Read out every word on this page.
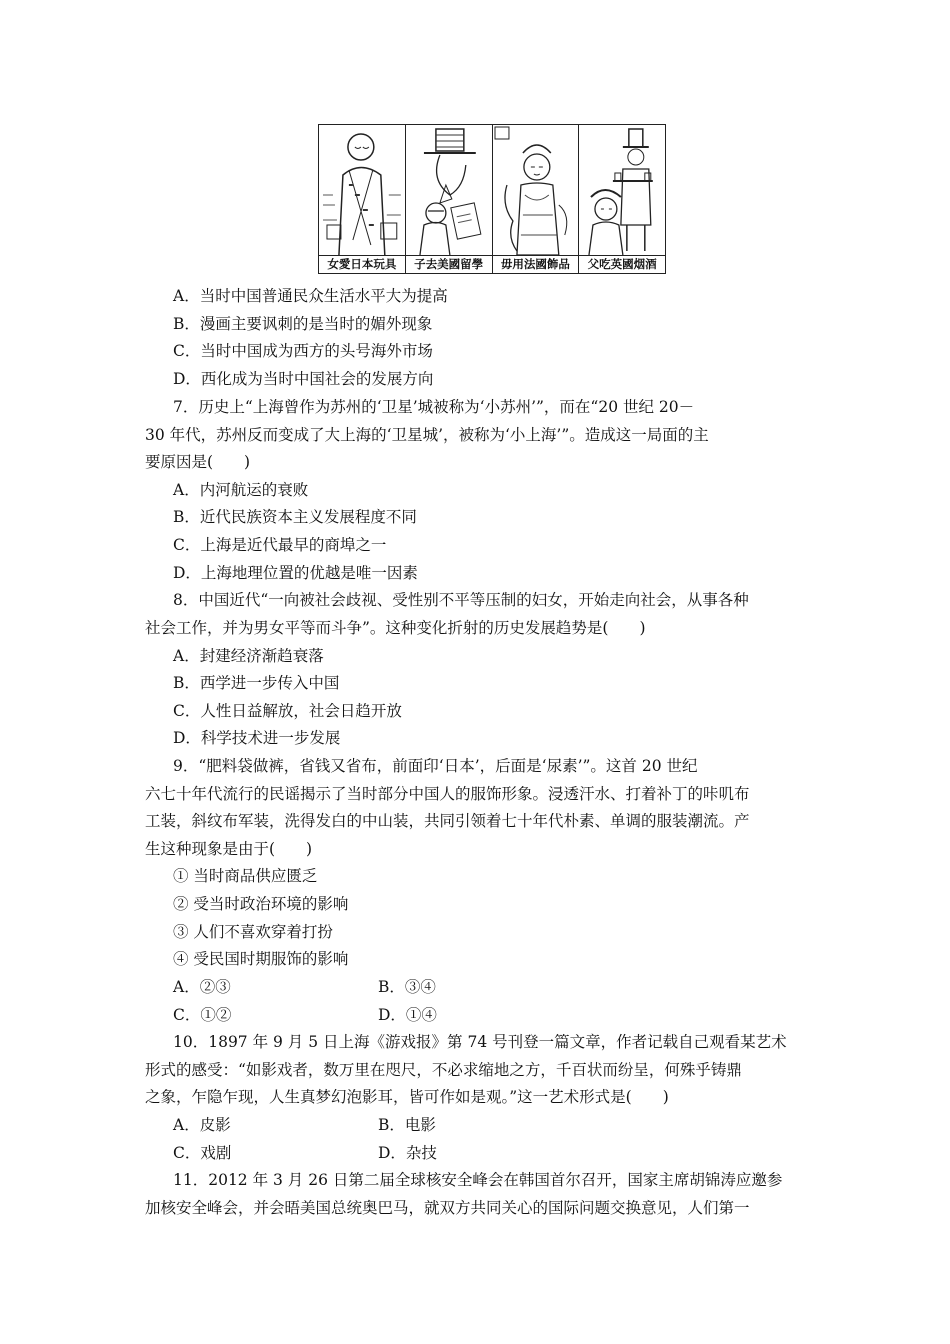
女愛日本玩具	子去美國留學	毋用法國飾品	父吃英國烟酒
A．当时中国普通民众生活水平大为提高
B．漫画主要讽刺的是当时的媚外现象
C．当时中国成为西方的头号海外市场
D．西化成为当时中国社会的发展方向
7．历史上“上海曾作为苏州的‘卫星’城被称为‘小苏州’”，而在“20 世纪 20－
30 年代，苏州反而变成了大上海的‘卫星城’，被称为‘小上海’”。造成这一局面的主
要原因是(　　)
A．内河航运的衰败
B．近代民族资本主义发展程度不同
C．上海是近代最早的商埠之一
D．上海地理位置的优越是唯一因素
8．中国近代“一向被社会歧视、受性别不平等压制的妇女，开始走向社会，从事各种
社会工作，并为男女平等而斗争”。这种变化折射的历史发展趋势是(　　)
A．封建经济渐趋衰落
B．西学进一步传入中国
C．人性日益解放，社会日趋开放
D．科学技术进一步发展
9．“肥料袋做裤，省钱又省布，前面印‘日本’，后面是‘尿素’”。这首 20 世纪
六七十年代流行的民谣揭示了当时部分中国人的服饰形象。浸透汗水、打着补丁的咔叽布
工装，斜纹布军装，洗得发白的中山装，共同引领着七十年代朴素、单调的服装潮流。产
生这种现象是由于(　　)
① 当时商品供应匮乏
② 受当时政治环境的影响
③ 人们不喜欢穿着打扮
④ 受民国时期服饰的影响
A．②③	B．③④
C．①②	D．①④
10．1897 年 9 月 5 日上海《游戏报》第 74 号刊登一篇文章，作者记载自己观看某艺术
形式的感受：“如影戏者，数万里在咫尺，不必求缩地之方，千百状而纷呈，何殊乎铸鼎
之象，乍隐乍现，人生真梦幻泡影耳，皆可作如是观。”这一艺术形式是(　　)
A．皮影	B．电影
C．戏剧	D．杂技
11．2012 年 3 月 26 日第二届全球核安全峰会在韩国首尔召开，国家主席胡锦涛应邀参
加核安全峰会，并会晤美国总统奥巴马，就双方共同关心的国际问题交换意见，人们第一
